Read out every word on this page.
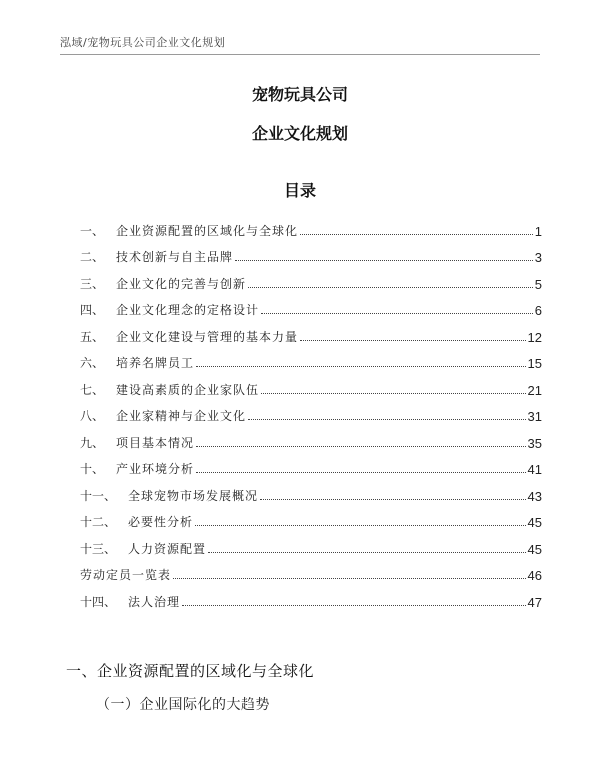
泓域/宠物玩具公司企业文化规划
宠物玩具公司
企业文化规划
目录
一、 企业资源配置的区域化与全球化	1
二、 技术创新与自主品牌	3
三、 企业文化的完善与创新	5
四、 企业文化理念的定格设计	6
五、 企业文化建设与管理的基本力量	12
六、 培养名牌员工	15
七、 建设高素质的企业家队伍	21
八、 企业家精神与企业文化	31
九、 项目基本情况	35
十、 产业环境分析	41
十一、 全球宠物市场发展概况	43
十二、 必要性分析	45
十三、 人力资源配置	45
劳动定员一览表	46
十四、 法人治理	47
一、企业资源配置的区域化与全球化
（一）企业国际化的大趋势
